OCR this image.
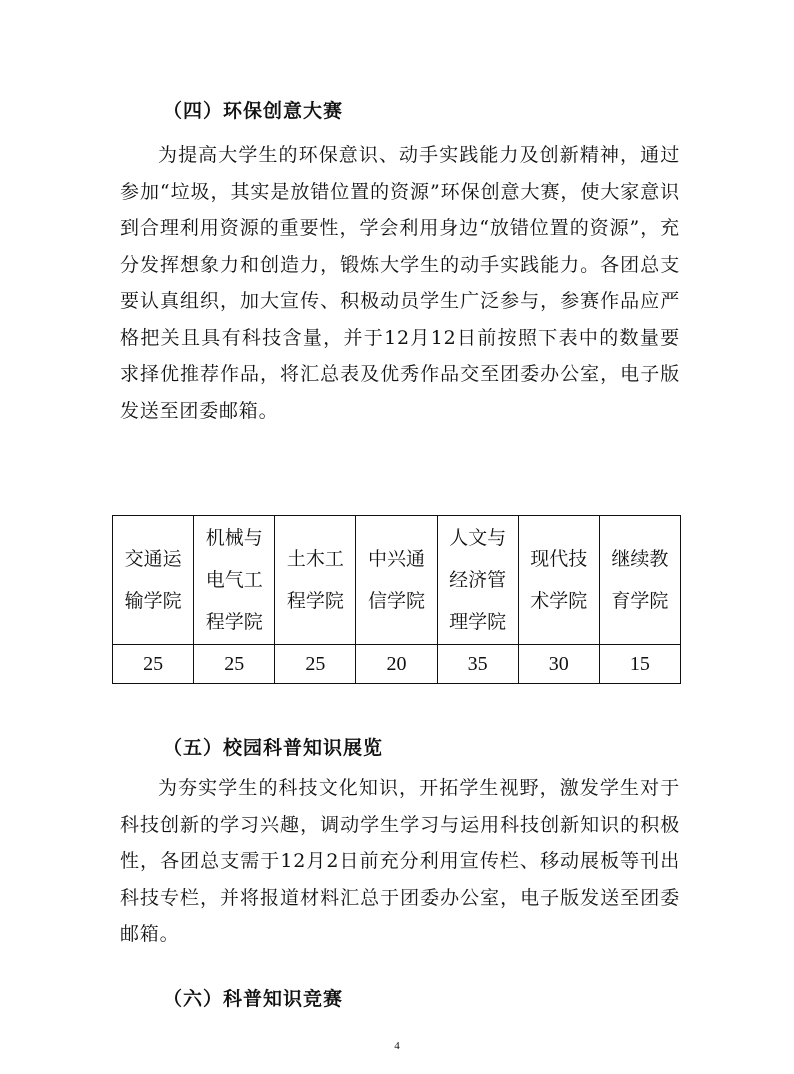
（四）环保创意大赛

为提高大学生的环保意识、动手实践能力及创新精神，通过参加“垃圾，其实是放错位置的资源”环保创意大赛，使大家意识到合理利用资源的重要性，学会利用身边“放错位置的资源”，充分发挥想象力和创造力，锻炼大学生的动手实践能力。各团总支要认真组织，加大宣传、积极动员学生广泛参与，参赛作品应严格把关且具有科技含量，并于12月12日前按照下表中的数量要求择优推荐作品，将汇总表及优秀作品交至团委办公室，电子版发送至团委邮箱。

交通运输学院	机械与电气工程学院	土木工程学院	中兴通信学院	人文与经济管理学院	现代技术学院	继续教育学院
25	25	25	20	35	30	15
（五）校园科普知识展览

为夯实学生的科技文化知识，开拓学生视野，激发学生对于科技创新的学习兴趣，调动学生学习与运用科技创新知识的积极性，各团总支需于12月2日前充分利用宣传栏、移动展板等刊出科技专栏，并将报道材料汇总于团委办公室，电子版发送至团委邮箱。

（六）科普知识竞赛
4
